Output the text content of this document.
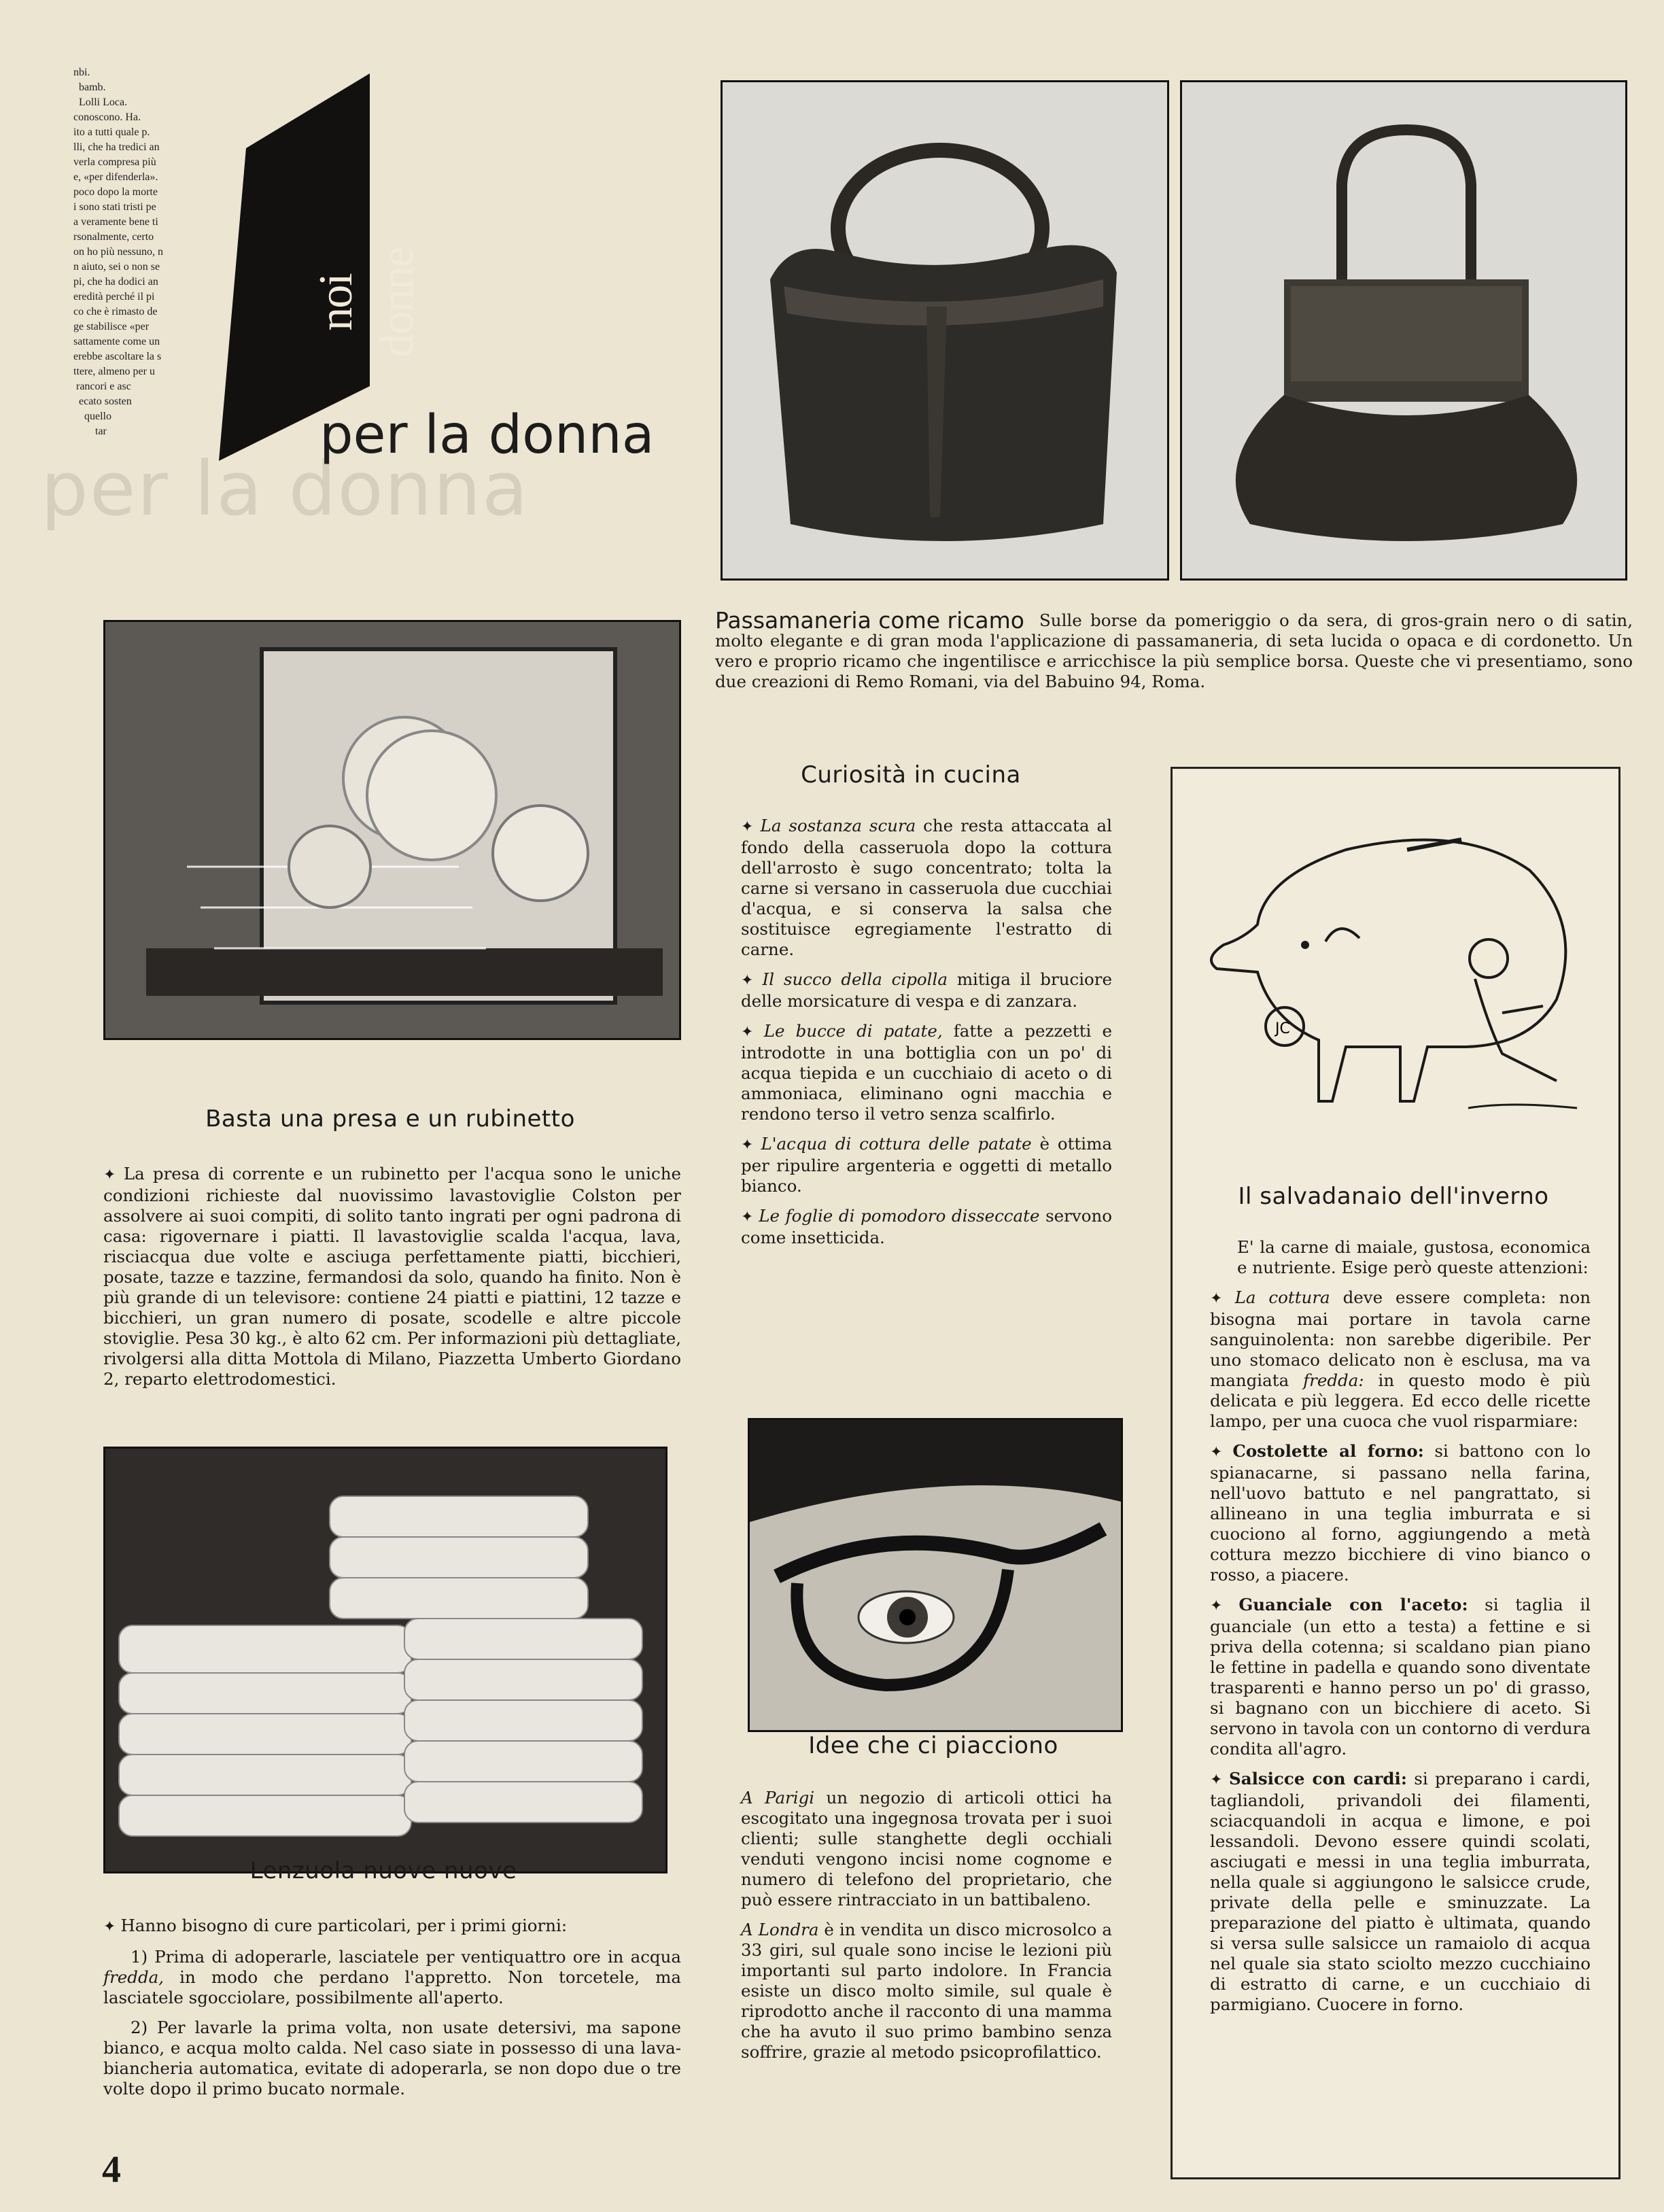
per la donna
nbi.
bamb.
Lolli Loca.
conoscono. Ha.
ito a tutti quale p.
lli, che ha tredici an
verla compresa più
e, «per difenderla».
poco dopo la morte
i sono stati tristi pe
a veramente bene ti
rsonalmente, certo
on ho più nessuno, n
n aiuto, sei o non se
pi, che ha dodici an
eredità perché il pi
co che è rimasto de
ge stabilisce «per
sattamente come un
erebbe ascoltare la s
ttere, almeno per u
rancori e asc
ecato sosten
quello
tar
noi donne
per la donna
Passamaneria come ricamo Sulle borse da pomeriggio o da sera, di gros-grain nero o di satin, molto elegante e di gran moda l'applicazione di passamaneria, di seta lucida o opaca e di cordonetto. Un vero e proprio ricamo che ingentilisce e arricchisce la più semplice borsa. Queste che vi presentiamo, sono due creazioni di Remo Romani, via del Babuino 94, Roma.
Basta una presa e un rubinetto
✦ La presa di corrente e un rubinetto per l'acqua sono le uniche condizioni richieste dal nuovissimo lavastoviglie Colston per assolvere ai suoi compiti, di solito tanto ingrati per ogni padrona di casa: rigovernare i piatti. Il lavastoviglie scalda l'acqua, lava, risciacqua due volte e asciuga perfettamente piatti, bicchieri, posate, tazze e tazzine, fermandosi da solo, quando ha finito. Non è più grande di un televisore: contiene 24 piatti e piattini, 12 tazze e bicchieri, un gran numero di posate, scodelle e altre piccole stoviglie. Pesa 30 kg., è alto 62 cm. Per informazioni più dettagliate, rivolgersi alla ditta Mottola di Milano, Piazzetta Umberto Giordano 2, reparto elettrodomestici.
Curiosità in cucina

✦ La sostanza scura che resta attaccata al fondo della casseruola dopo la cottura dell'arrosto è sugo concentrato; tolta la carne si versano in casseruola due cucchiai d'acqua, e si conserva la salsa che sostituisce egregiamente l'estratto di carne.

✦ Il succo della cipolla mitiga il bruciore delle morsicature di vespa e di zanzara.

✦ Le bucce di patate, fatte a pezzetti e introdotte in una bottiglia con un po' di acqua tiepida e un cucchiaio di aceto o di ammoniaca, eliminano ogni macchia e rendono terso il vetro senza scalfirlo.

✦ L'acqua di cottura delle patate è ottima per ripulire argenteria e oggetti di metallo bianco.

✦ Le foglie di pomodoro disseccate servono come insetticida.

JC
Il salvadanaio dell'inverno

E' la carne di maiale, gustosa, economica e nutriente. Esige però queste attenzioni:

✦ La cottura deve essere completa: non bisogna mai portare in tavola carne sanguinolenta: non sarebbe digeribile. Per uno stomaco delicato non è esclusa, ma va mangiata fredda: in questo modo è più delicata e più leggera. Ed ecco delle ricette lampo, per una cuoca che vuol risparmiare:

✦ Costolette al forno: si battono con lo spianacarne, si passano nella farina, nell'uovo battuto e nel pangrattato, si allineano in una teglia imburrata e si cuociono al forno, aggiungendo a metà cottura mezzo bicchiere di vino bianco o rosso, a piacere.

✦ Guanciale con l'aceto: si taglia il guanciale (un etto a testa) a fettine e si priva della cotenna; si scaldano pian piano le fettine in padella e quando sono diventate trasparenti e hanno perso un po' di grasso, si bagnano con un bicchiere di aceto. Si servono in tavola con un contorno di verdura condita all'agro.

✦ Salsicce con cardi: si preparano i cardi, tagliandoli, privandoli dei filamenti, sciacquandoli in acqua e limone, e poi lessandoli. Devono essere quindi scolati, asciugati e messi in una teglia imburrata, nella quale si aggiungono le salsicce crude, private della pelle e sminuzzate. La preparazione del piatto è ultimata, quando si versa sulle salsicce un ramaiolo di acqua nel quale sia stato sciolto mezzo cucchiaino di estratto di carne, e un cucchiaio di parmigiano. Cuocere in forno.

Lenzuola nuove nuove

✦ Hanno bisogno di cure particolari, per i primi giorni:

1) Prima di adoperarle, lasciatele per ventiquattro ore in acqua fredda, in modo che perdano l'appretto. Non torcetele, ma lasciatele sgocciolare, possibilmente all'aperto.

2) Per lavarle la prima volta, non usate detersivi, ma sapone bianco, e acqua molto calda. Nel caso siate in possesso di una lava-biancheria automatica, evitate di adoperarla, se non dopo due o tre volte dopo il primo bucato normale.

Idee che ci piacciono

A Parigi un negozio di articoli ottici ha escogitato una ingegnosa trovata per i suoi clienti; sulle stanghette degli occhiali venduti vengono incisi nome cognome e numero di telefono del proprietario, che può essere rintracciato in un battibaleno.

A Londra è in vendita un disco microsolco a 33 giri, sul quale sono incise le lezioni più importanti sul parto indolore. In Francia esiste un disco molto simile, sul quale è riprodotto anche il racconto di una mamma che ha avuto il suo primo bambino senza soffrire, grazie al metodo psicoprofilattico.

4
